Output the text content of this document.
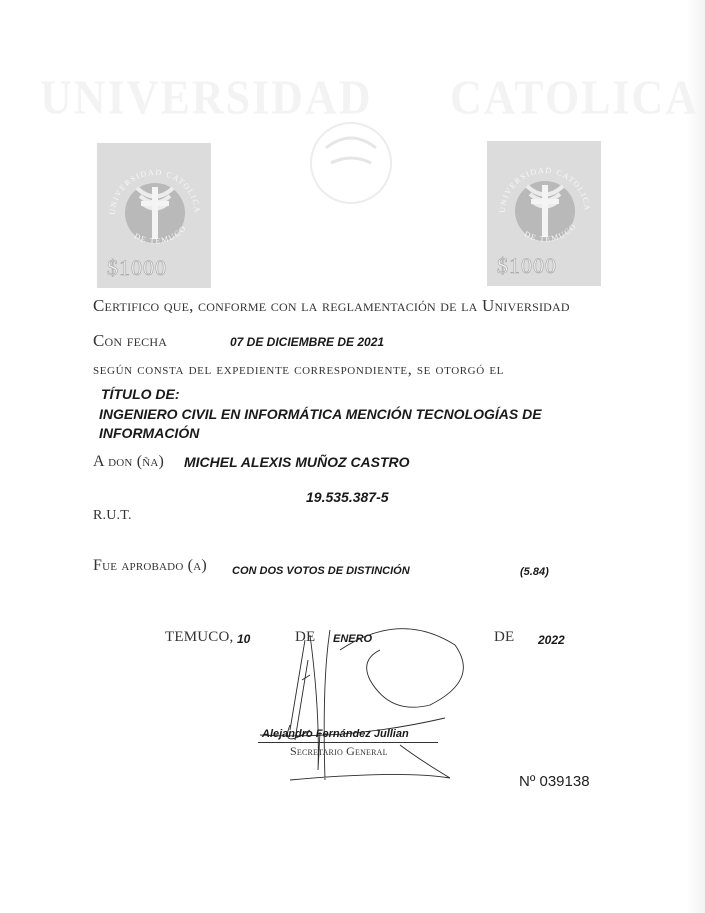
UNIVERSIDAD CATOLICA
UNIVERSIDAD CATOLICA
DE TEMUCO
$1000
UNIVERSIDAD CATOLICA
DE TEMUCO
$1000
Certifico que, conforme con la reglamentación de la Universidad
Con fecha	07 DE DICIEMBRE DE 2021
según consta del expediente correspondiente, se otorgó el
TÍTULO DE:
INGENIERO CIVIL EN INFORMÁTICA MENCIÓN TECNOLOGÍAS DE INFORMACIÓN
A don (ña) MICHEL ALEXIS MUÑOZ CASTRO
19.535.387-5
R.U.T.
Fue aprobado (a) CON DOS VOTOS DE DISTINCIÓN	(5.84)
TEMUCO, 10	DE ENERO	DE 2022
Alejandro Fernández Jullian
Secretario General
Nº 039138
